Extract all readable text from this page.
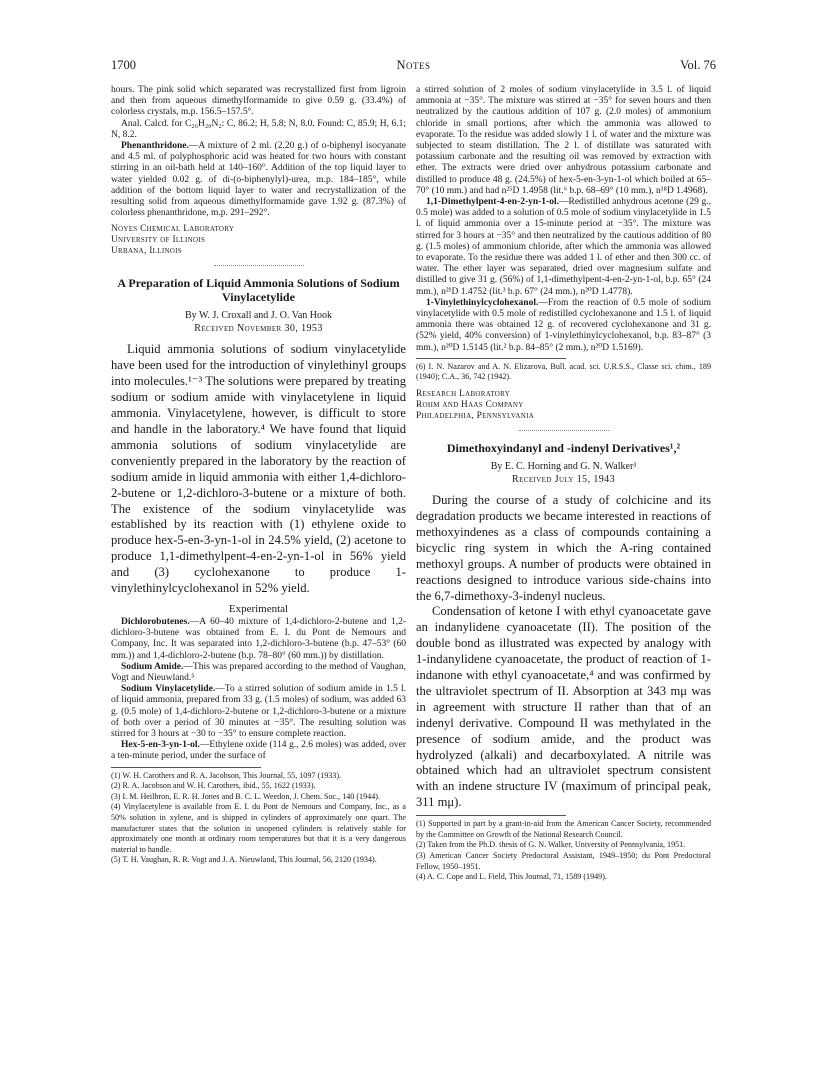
1700	Notes	Vol. 76

hours. The pink solid which separated was recrystallized first from ligroin and then from aqueous dimethylformamide to give 0.59 g. (33.4%) of colorless crystals, m.p. 156.5–157.5°.

Anal. Calcd. for C₂₆H₂₀N₂: C, 86.2; H, 5.8; N, 8.0. Found: C, 85.9; H, 6.1; N, 8.2.

Phenanthridone.—A mixture of 2 ml. (2.20 g.) of o-biphenyl isocyanate and 4.5 ml. of polyphosphoric acid was heated for two hours with constant stirring in an oil-bath held at 140–160°. Addition of the top liquid layer to water yielded 0.02 g. of di-(o-biphenylyl)-urea, m.p. 184–185°, while addition of the bottom liquid layer to water and recrystallization of the resulting solid from aqueous dimethylformamide gave 1.92 g. (87.3%) of colorless phenanthridone, m.p. 291–292°.

Noyes Chemical Laboratory

University of Illinois

Urbana, Illinois

A Preparation of Liquid Ammonia Solutions of Sodium Vinylacetylide
By W. J. Croxall and J. O. Van Hook
Received November 30, 1953

Liquid ammonia solutions of sodium vinylacetylide have been used for the introduction of vinylethinyl groups into molecules.¹⁻³ The solutions were prepared by treating sodium or sodium amide with vinylacetylene in liquid ammonia. Vinylacetylene, however, is difficult to store and handle in the laboratory.⁴ We have found that liquid ammonia solutions of sodium vinylacetylide are conveniently prepared in the laboratory by the reaction of sodium amide in liquid ammonia with either 1,4-dichloro-2-butene or 1,2-dichloro-3-butene or a mixture of both. The existence of the sodium vinylacetylide was established by its reaction with (1) ethylene oxide to produce hex-5-en-3-yn-1-ol in 24.5% yield, (2) acetone to produce 1,1-dimethylpent-4-en-2-yn-1-ol in 56% yield and (3) cyclohexanone to produce 1-vinylethinylcyclohexanol in 52% yield.

Experimental

Dichlorobutenes.—A 60–40 mixture of 1,4-dichloro-2-butene and 1,2-dichloro-3-butene was obtained from E. I. du Pont de Nemours and Company, Inc. It was separated into 1,2-dichloro-3-butene (b.p. 47–53° (60 mm.)) and 1,4-dichloro-2-butene (b.p. 78–80° (60 mm.)) by distillation.

Sodium Amide.—This was prepared according to the method of Vaughan, Vogt and Nieuwland.⁵

Sodium Vinylacetylide.—To a stirred solution of sodium amide in 1.5 l. of liquid ammonia, prepared from 33 g. (1.5 moles) of sodium, was added 63 g. (0.5 mole) of 1,4-dichloro-2-butene or 1,2-dichloro-3-butene or a mixture of both over a period of 30 minutes at −35°. The resulting solution was stirred for 3 hours at −30 to −35° to ensure complete reaction.

Hex-5-en-3-yn-1-ol.—Ethylene oxide (114 g., 2.6 moles) was added, over a ten-minute period, under the surface of

(1) W. H. Carothers and R. A. Jacobson, This Journal, 55, 1097 (1933).

(2) R. A. Jacobson and W. H. Carothers, ibid., 55, 1622 (1933).

(3) I. M. Heilbron, E. R. H. Jones and B. C. L. Weedon, J. Chem. Soc., 140 (1944).

(4) Vinylacetylene is available from E. I. du Pont de Nemours and Company, Inc., as a 50% solution in xylene, and is shipped in cylinders of approximately one quart. The manufacturer states that the solution in unopened cylinders is relatively stable for approximately one month at ordinary room temperatures but that it is a very dangerous material to handle.

(5) T. H. Vaughan, R. R. Vogt and J. A. Nieuwland, This Journal, 56, 2120 (1934).

a stirred solution of 2 moles of sodium vinylacetylide in 3.5 l. of liquid ammonia at −35°. The mixture was stirred at −35° for seven hours and then neutralized by the cautious addition of 107 g. (2.0 moles) of ammonium chloride in small portions, after which the ammonia was allowed to evaporate. To the residue was added slowly 1 l. of water and the mixture was subjected to steam distillation. The 2 l. of distillate was saturated with potassium carbonate and the resulting oil was removed by extraction with ether. The extracts were dried over anhydrous potassium carbonate and distilled to produce 48 g. (24.5%) of hex-5-en-3-yn-1-ol which boiled at 65–70° (10 mm.) and had n²⁵D 1.4958 (lit.⁶ b.p. 68–69° (10 mm.), n¹⁸D 1.4968).

1,1-Dimethylpent-4-en-2-yn-1-ol.—Redistilled anhydrous acetone (29 g., 0.5 mole) was added to a solution of 0.5 mole of sodium vinylacetylide in 1.5 l. of liquid ammonia over a 15-minute period at −35°. The mixture was stirred for 3 hours at −35° and then neutralized by the cautious addition of 80 g. (1.5 moles) of ammonium chloride, after which the ammonia was allowed to evaporate. To the residue there was added 1 l. of ether and then 300 cc. of water. The ether layer was separated, dried over magnesium sulfate and distilled to give 31 g. (56%) of 1,1-dimethylpent-4-en-2-yn-1-ol, b.p. 65° (24 mm.), n²¹D 1.4752 (lit.³ b.p. 67° (24 mm.), n²⁰D 1.4778).

1-Vinylethinylcyclohexanol.—From the reaction of 0.5 mole of sodium vinylacetylide with 0.5 mole of redistilled cyclohexanone and 1.5 l. of liquid ammonia there was obtained 12 g. of recovered cyclohexanone and 31 g. (52% yield, 40% conversion) of 1-vinylethinylcyclohexanol, b.p. 83–87° (3 mm.), n²⁰D 1.5145 (lit.² b.p. 84–85° (2 mm.), n²⁰D 1.5169).

(6) I. N. Nazarov and A. N. Elizarova, Bull. acad. sci. U.R.S.S., Classe sci. chim., 189 (1940); C.A., 36, 742 (1942).

Research Laboratory

Rohm and Haas Company

Philadelphia, Pennsylvania

Dimethoxyindanyl and -indenyl Derivatives¹,²
By E. C. Horning and G. N. Walker³
Received July 15, 1943

During the course of a study of colchicine and its degradation products we became interested in reactions of methoxyindenes as a class of compounds containing a bicyclic ring system in which the A-ring contained methoxyl groups. A number of products were obtained in reactions designed to introduce various side-chains into the 6,7-dimethoxy-3-indenyl nucleus.

Condensation of ketone I with ethyl cyanoacetate gave an indanylidene cyanoacetate (II). The position of the double bond as illustrated was expected by analogy with 1-indanylidene cyanoacetate, the product of reaction of 1-indanone with ethyl cyanoacetate,⁴ and was confirmed by the ultraviolet spectrum of II. Absorption at 343 mμ was in agreement with structure II rather than that of an indenyl derivative. Compound II was methylated in the presence of sodium amide, and the product was hydrolyzed (alkali) and decarboxylated. A nitrile was obtained which had an ultraviolet spectrum consistent with an indene structure IV (maximum of principal peak, 311 mμ).

(1) Supported in part by a grant-in-aid from the American Cancer Society, recommended by the Committee on Growth of the National Research Council.

(2) Taken from the Ph.D. thesis of G. N. Walker, University of Pennsylvania, 1951.

(3) American Cancer Society Predoctoral Assistant, 1949–1950; du Pont Predoctoral Fellow, 1950–1951.

(4) A. C. Cope and L. Field, This Journal, 71, 1589 (1949).
